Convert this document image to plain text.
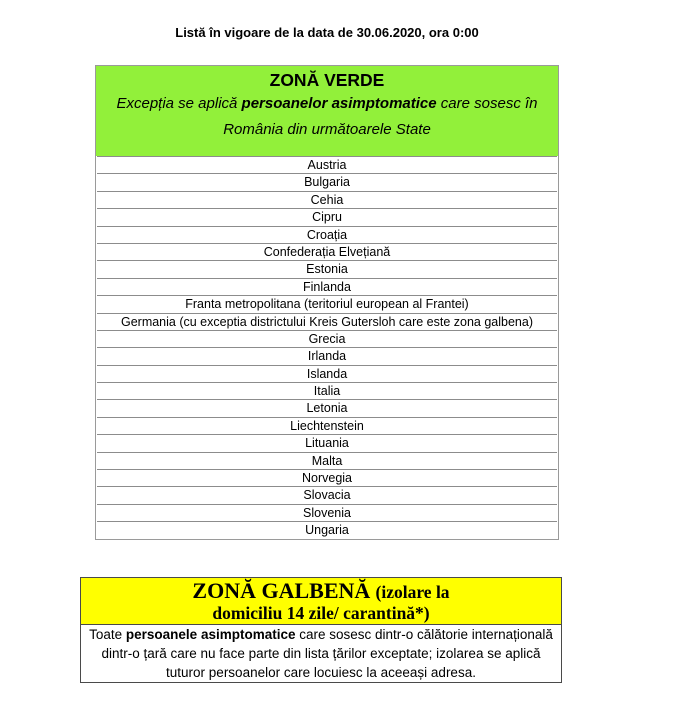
Listă în vigoare de la data de 30.06.2020, ora 0:00
ZONĂ VERDE
Excepția se aplică persoanelor asimptomatice care sosesc în
România din următoarele State
Austria
Bulgaria
Cehia
Cipru
Croația
Confederația Elvețiană
Estonia
Finlanda
Franta metropolitana (teritoriul european al Frantei)
Germania (cu exceptia districtului Kreis Gutersloh care este zona galbena)
Grecia
Irlanda
Islanda
Italia
Letonia
Liechtenstein
Lituania
Malta
Norvegia
Slovacia
Slovenia
Ungaria
ZONĂ GALBENĂ (izolare la
domiciliu 14 zile/ carantină*)
Toate persoanele asimptomatice care sosesc dintr-o călătorie internațională
dintr-o țară care nu face parte din lista țărilor exceptate; izolarea se aplică
tuturor persoanelor care locuiesc la aceeași adresa.
